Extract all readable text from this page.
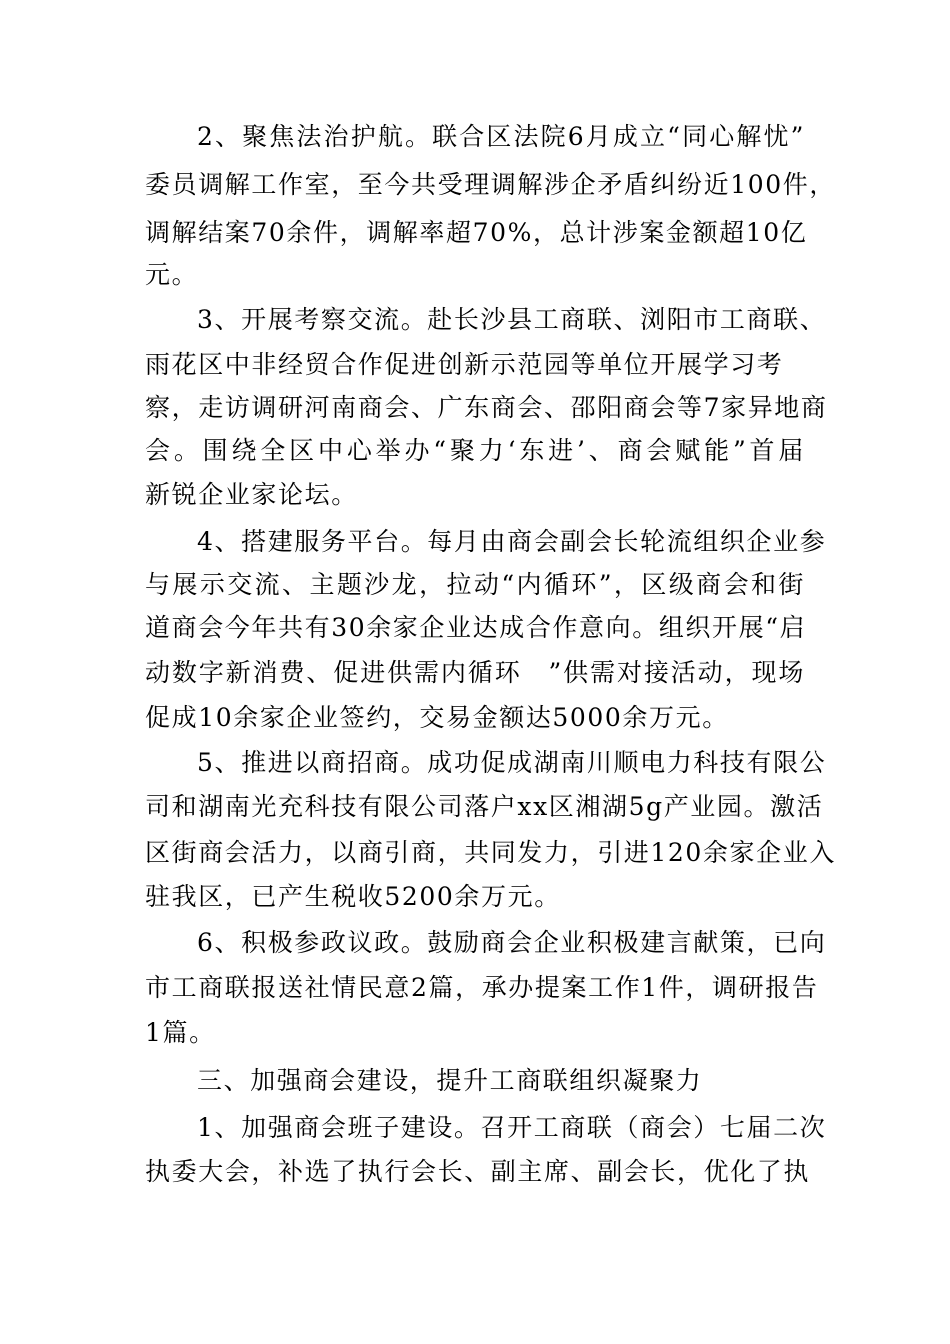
2、聚焦法治护航。联合区法院6月成立“同心解忧”
委员调解工作室，至今共受理调解涉企矛盾纠纷近100件，
调解结案70余件，调解率超70%，总计涉案金额超10亿
元。
3、开展考察交流。赴长沙县工商联、浏阳市工商联、
雨花区中非经贸合作促进创新示范园等单位开展学习考
察，走访调研河南商会、广东商会、邵阳商会等7家异地商
会。围绕全区中心举办“聚力‘东进’、商会赋能”首届
新锐企业家论坛。
4、搭建服务平台。每月由商会副会长轮流组织企业参
与展示交流、主题沙龙，拉动“内循环”，区级商会和街
道商会今年共有30余家企业达成合作意向。组织开展“启
动数字新消费、促进供需内循环　”供需对接活动，现场
促成10余家企业签约，交易金额达5000余万元。
5、推进以商招商。成功促成湖南川顺电力科技有限公
司和湖南光充科技有限公司落户xx区湘湖5g产业园。激活
区街商会活力，以商引商，共同发力，引进120余家企业入
驻我区，已产生税收5200余万元。
6、积极参政议政。鼓励商会企业积极建言献策，已向
市工商联报送社情民意2篇，承办提案工作1件，调研报告
1篇。
三、加强商会建设，提升工商联组织凝聚力
1、加强商会班子建设。召开工商联（商会）七届二次
执委大会，补选了执行会长、副主席、副会长，优化了执
